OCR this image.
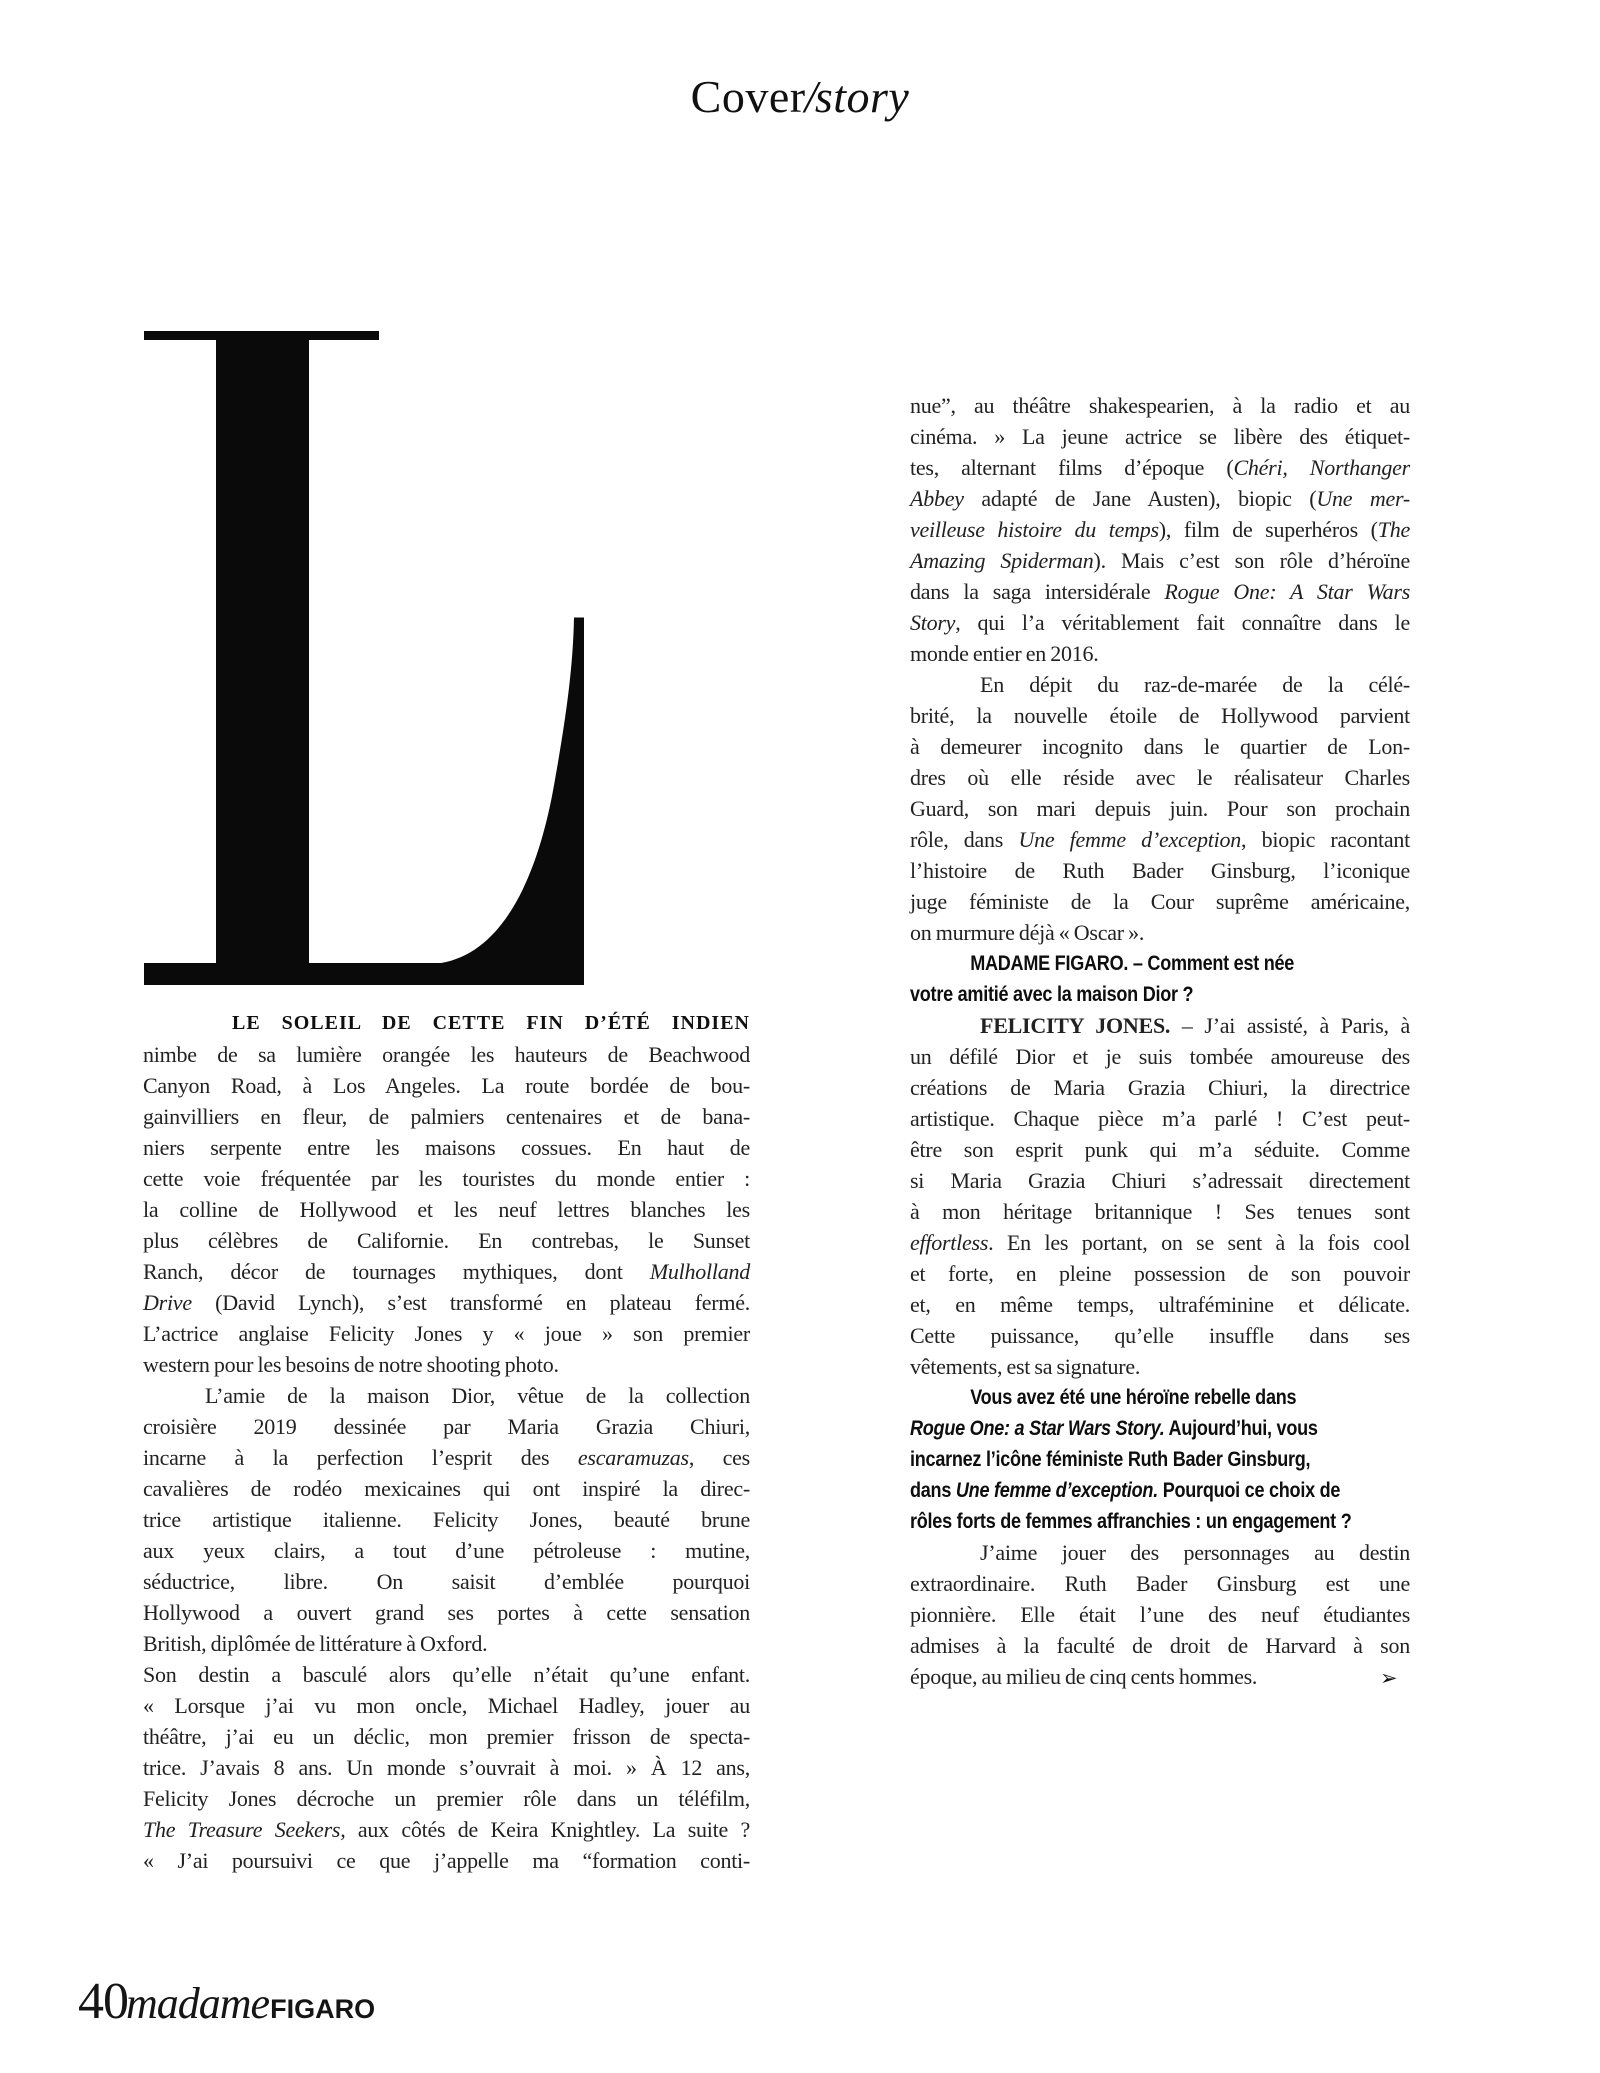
Cover/story
LE SOLEIL DE CETTE FIN D’ÉTÉ INDIEN
nimbe de sa lumière orangée les hauteurs de Beachwood
Canyon Road, à Los Angeles. La route bordée de bou-
gainvilliers en fleur, de palmiers centenaires et de bana-
niers serpente entre les maisons cossues. En haut de
cette voie fréquentée par les touristes du monde entier :
la colline de Hollywood et les neuf lettres blanches les
plus célèbres de Californie. En contrebas, le Sunset
Ranch, décor de tournages mythiques, dont Mulholland
Drive (David Lynch), s’est transformé en plateau fermé.
L’actrice anglaise Felicity Jones y « joue » son premier
western pour les besoins de notre shooting photo.
L’amie de la maison Dior, vêtue de la collection
croisière 2019 dessinée par Maria Grazia Chiuri,
incarne à la perfection l’esprit des escaramuzas, ces
cavalières de rodéo mexicaines qui ont inspiré la direc-
trice artistique italienne. Felicity Jones, beauté brune
aux yeux clairs, a tout d’une pétroleuse : mutine,
séductrice, libre. On saisit d’emblée pourquoi
Hollywood a ouvert grand ses portes à cette sensation
British, diplômée de littérature à Oxford.
Son destin a basculé alors qu’elle n’était qu’une enfant.
« Lorsque j’ai vu mon oncle, Michael Hadley, jouer au
théâtre, j’ai eu un déclic, mon premier frisson de specta-
trice. J’avais 8 ans. Un monde s’ouvrait à moi. » À 12 ans,
Felicity Jones décroche un premier rôle dans un téléfilm,
The Treasure Seekers, aux côtés de Keira Knightley. La suite ?
« J’ai poursuivi ce que j’appelle ma “formation conti-
nue”, au théâtre shakespearien, à la radio et au
cinéma. » La jeune actrice se libère des étiquet-
tes, alternant films d’époque (Chéri, Northanger
Abbey adapté de Jane Austen), biopic (Une mer-
veilleuse histoire du temps), film de superhéros (The
Amazing Spiderman). Mais c’est son rôle d’héroïne
dans la saga intersidérale Rogue One: A Star Wars
Story, qui l’a véritablement fait connaître dans le
monde entier en 2016.
En dépit du raz-de-marée de la célé-
brité, la nouvelle étoile de Hollywood parvient
à demeurer incognito dans le quartier de Lon-
dres où elle réside avec le réalisateur Charles
Guard, son mari depuis juin. Pour son prochain
rôle, dans Une femme d’exception, biopic racontant
l’histoire de Ruth Bader Ginsburg, l’iconique
juge féministe de la Cour suprême américaine,
on murmure déjà « Oscar ».
MADAME FIGARO. – Comment est née
votre amitié avec la maison Dior ?
FELICITY JONES. – J’ai assisté, à Paris, à
un défilé Dior et je suis tombée amoureuse des
créations de Maria Grazia Chiuri, la directrice
artistique. Chaque pièce m’a parlé ! C’est peut-
être son esprit punk qui m’a séduite. Comme
si Maria Grazia Chiuri s’adressait directement
à mon héritage britannique ! Ses tenues sont
effortless. En les portant, on se sent à la fois cool
et forte, en pleine possession de son pouvoir
et, en même temps, ultraféminine et délicate.
Cette puissance, qu’elle insuffle dans ses
vêtements, est sa signature.
Vous avez été une héroïne rebelle dans
Rogue One: a Star Wars Story. Aujourd’hui, vous
incarnez l’icône féministe Ruth Bader Ginsburg,
dans Une femme d’exception. Pourquoi ce choix de
rôles forts de femmes affranchies : un engagement ?
J’aime jouer des personnages au destin
extraordinaire. Ruth Bader Ginsburg est une
pionnière. Elle était l’une des neuf étudiantes
admises à la faculté de droit de Harvard à son
époque, au milieu de cinq cents hommes.	➢
40madameFIGARO
